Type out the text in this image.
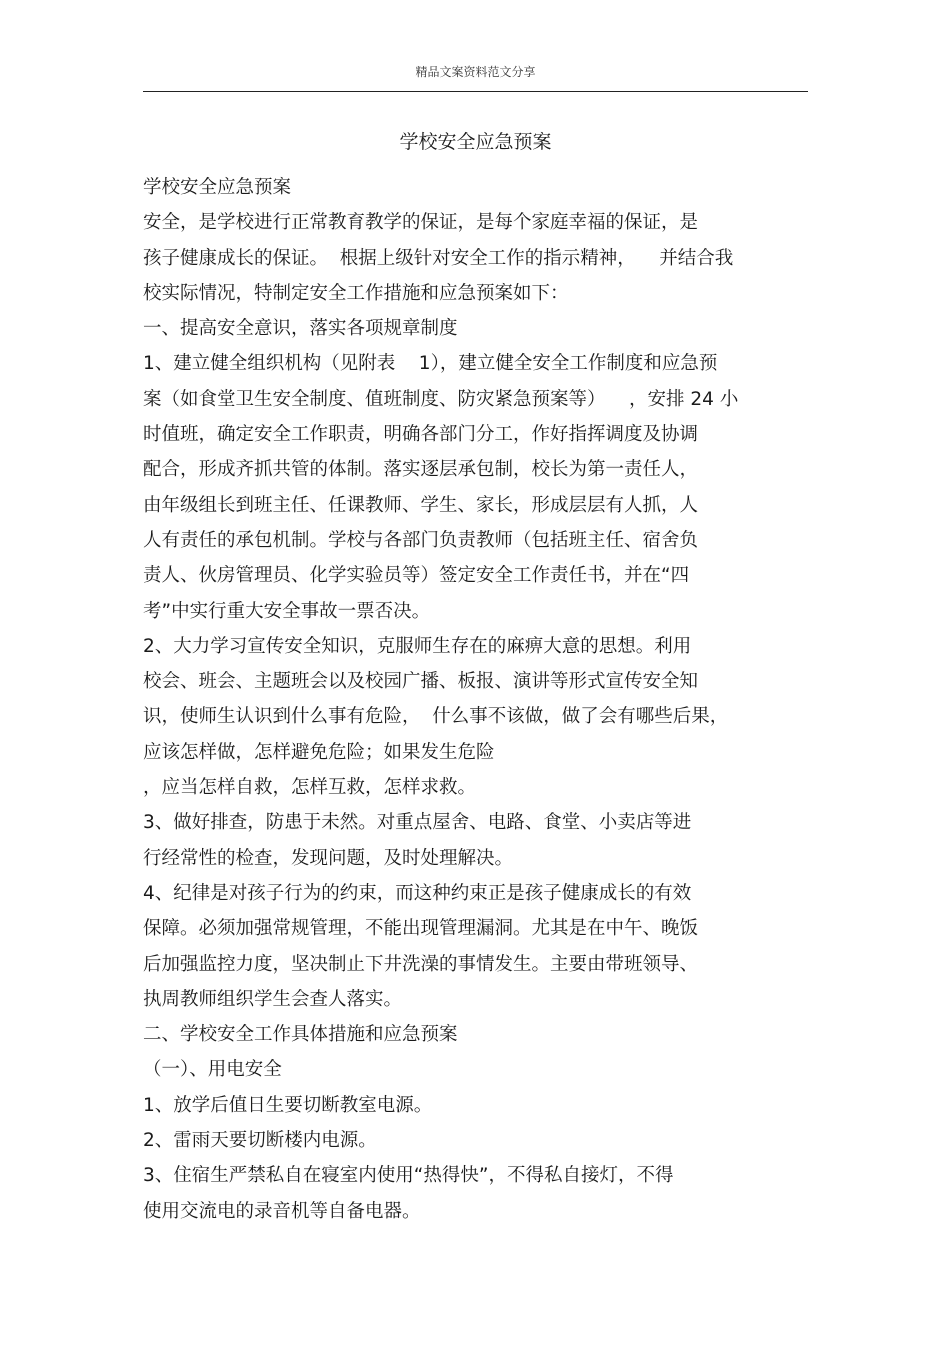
精品文案资料范文分享
学校安全应急预案
学校安全应急预案
安全，是学校进行正常教育教学的保证，是每个家庭幸福的保证，是
孩子健康成长的保证。  根据上级针对安全工作的指示精神，    并结合我
校实际情况，特制定安全工作措施和应急预案如下：
一、提高安全意识，落实各项规章制度
1、建立健全组织机构（见附表    1），建立健全安全工作制度和应急预
案（如食堂卫生安全制度、值班制度、防灾紧急预案等）    ，安排 24 小
时值班，确定安全工作职责，明确各部门分工，作好指挥调度及协调
配合，形成齐抓共管的体制。落实逐层承包制，校长为第一责任人，
由年级组长到班主任、任课教师、学生、家长，形成层层有人抓，人
人有责任的承包机制。学校与各部门负责教师（包括班主任、宿舍负
责人、伙房管理员、化学实验员等）签定安全工作责任书，并在“四
考”中实行重大安全事故一票否决。
2、大力学习宣传安全知识，克服师生存在的麻痹大意的思想。利用
校会、班会、主题班会以及校园广播、板报、演讲等形式宣传安全知
识，使师生认识到什么事有危险，  什么事不该做，做了会有哪些后果，
应该怎样做，怎样避免危险；如果发生危险
，应当怎样自救，怎样互救，怎样求救。
3、做好排查，防患于未然。对重点屋舍、电路、食堂、小卖店等进
行经常性的检查，发现问题，及时处理解决。
4、纪律是对孩子行为的约束，而这种约束正是孩子健康成长的有效
保障。必须加强常规管理，不能出现管理漏洞。尤其是在中午、晚饭
后加强监控力度，坚决制止下井洗澡的事情发生。主要由带班领导、
执周教师组织学生会查人落实。
二、学校安全工作具体措施和应急预案
（一）、用电安全
1、放学后值日生要切断教室电源。
2、雷雨天要切断楼内电源。
3、住宿生严禁私自在寝室内使用“热得快”，不得私自接灯，不得
使用交流电的录音机等自备电器。
